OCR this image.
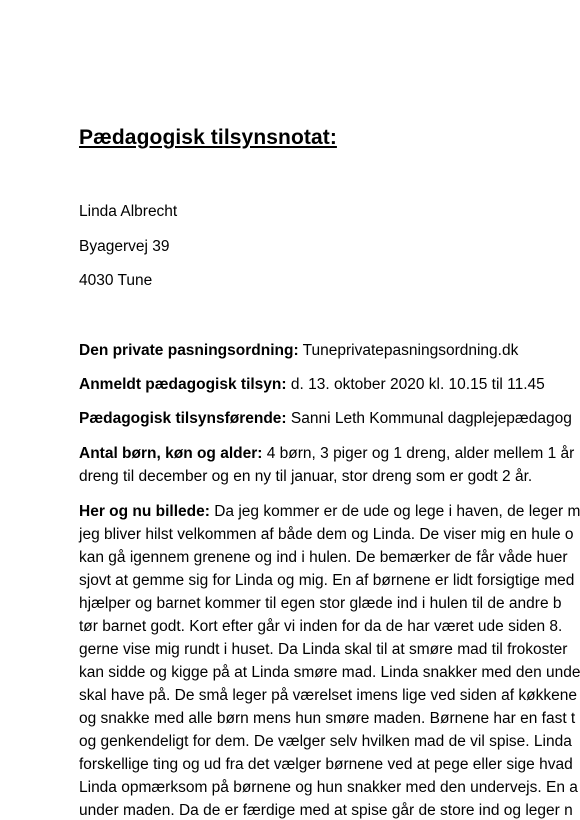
Pædagogisk tilsynsnotat:
Linda Albrecht
Byagervej 39
4030 Tune
Den private pasningsordning: Tuneprivatepasningsordning.dk
Anmeldt pædagogisk tilsyn: d. 13. oktober 2020 kl. 10.15 til 11.45
Pædagogisk tilsynsførende: Sanni Leth Kommunal dagplejepædagog
Antal børn, køn og alder: 4 børn, 3 piger og 1 dreng, alder mellem 1 år
dreng til december og en ny til januar, stor dreng som er godt 2 år.
Her og nu billede: Da jeg kommer er de ude og lege i haven, de leger m
jeg bliver hilst velkommen af både dem og Linda. De viser mig en hule o
kan gå igennem grenene og ind i hulen. De bemærker de får våde huer
sjovt at gemme sig for Linda og mig. En af børnene er lidt forsigtige med
hjælper og barnet kommer til egen stor glæde ind i hulen til de andre b
tør barnet godt. Kort efter går vi inden for da de har været ude siden 8.
gerne vise mig rundt i huset. Da Linda skal til at smøre mad til frokoster
kan sidde og kigge på at Linda smøre mad. Linda snakker med den unde
skal have på. De små leger på værelset imens lige ved siden af køkkene
og snakke med alle børn mens hun smøre maden. Børnene har en fast t
og genkendeligt for dem. De vælger selv hvilken mad de vil spise. Linda
forskellige ting og ud fra det vælger børnene ved at pege eller sige hvad
Linda opmærksom på børnene og hun snakker med den undervejs. En a
under maden. Da de er færdige med at spise går de store ind og leger n
